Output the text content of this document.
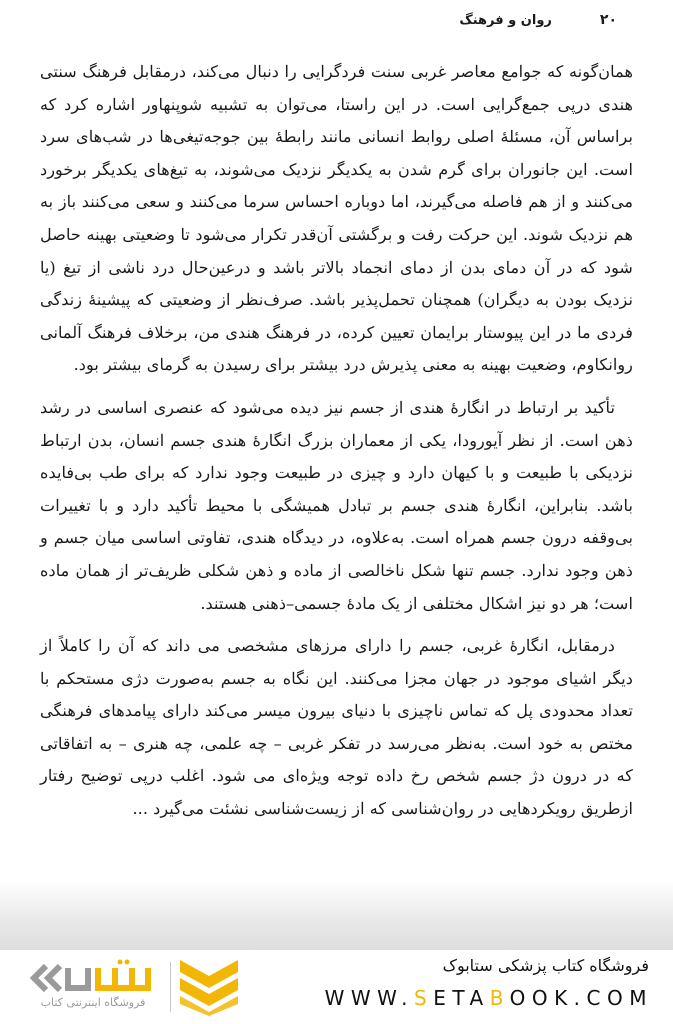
۲۰
روان و فرهنگ

همان‌گونه که جوامع معاصر غربی سنت فردگرایی را دنبال می‌کند، درمقابل فرهنگ سنتی هندی درپی جمع‌گرایی است. در این راستا، می‌توان به تشبیه شوپنهاور اشاره کرد که براساس آن، مسئلهٔ اصلی روابط انسانی مانند رابطهٔ بین جوجه‌تیغی‌ها در شب‌های سرد است. این جانوران برای گرم شدن به یکدیگر نزدیک می‌شوند، به تیغ‌های یکدیگر برخورد می‌کنند و از هم فاصله می‌گیرند، اما دوباره احساس سرما می‌کنند و سعی می‌کنند باز به هم نزدیک شوند. این حرکت رفت و برگشتی آن‌قدر تکرار می‌شود تا وضعیتی بهینه حاصل شود که در آن دمای بدن از دمای انجماد بالاتر باشد و درعین‌حال درد ناشی از تیغ (یا نزدیک بودن به دیگران) همچنان تحمل‌پذیر باشد. صرف‌نظر از وضعیتی که پیشینهٔ زندگی فردی ما در این پیوستار برایمان تعیین کرده، در فرهنگ هندی من، برخلاف فرهنگ آلمانی روانکاوم، وضعیت بهینه به معنی پذیرش درد بیشتر برای رسیدن به گرمای بیشتر بود.

تأکید بر ارتباط در انگارهٔ هندی از جسم نیز دیده می‌شود که عنصری اساسی در رشد ذهن است. از نظر آیورودا، یکی از معماران بزرگ انگارهٔ هندی جسم انسان، بدن ارتباط نزدیکی با طبیعت و با کیهان دارد و چیزی در طبیعت وجود ندارد که برای طب بی‌فایده باشد. بنابراین، انگارهٔ هندی جسم بر تبادل همیشگی با محیط تأکید دارد و با تغییرات بی‌وقفه درون جسم همراه است. به‌علاوه، در دیدگاه هندی، تفاوتی اساسی میان جسم و ذهن وجود ندارد. جسم تنها شکل ناخالصی از ماده و ذهن شکلی ظریف‌تر از همان ماده است؛ هر دو نیز اشکال مختلفی از یک مادهٔ جسمی–ذهنی هستند.

درمقابل، انگارهٔ غربی، جسم را دارای مرزهای مشخصی می داند که آن را کاملاً از دیگر اشیای موجود در جهان مجزا می‌کنند. این نگاه به جسم به‌صورت دژی مستحکم با تعداد محدودی پل که تماس ناچیزی با دنیای بیرون میسر می‌کند دارای پیامدهای فرهنگی مختص به خود است. به‌نظر می‌رسد در تفکر غربی – چه علمی، چه هنری – به اتفاقاتی که در درون دژ جسم شخص رخ داده توجه ویژه‌ای می شود. اغلب درپی توضیح رفتار ازطریق رویکردهایی در روان‌شناسی که از زیست‌شناسی نشئت می‌گیرد ...

فروشگاه اینترنتی کتاب
فروشگاه کتاب پزشکی ستابوک
WWW.SETABOOK.COM
